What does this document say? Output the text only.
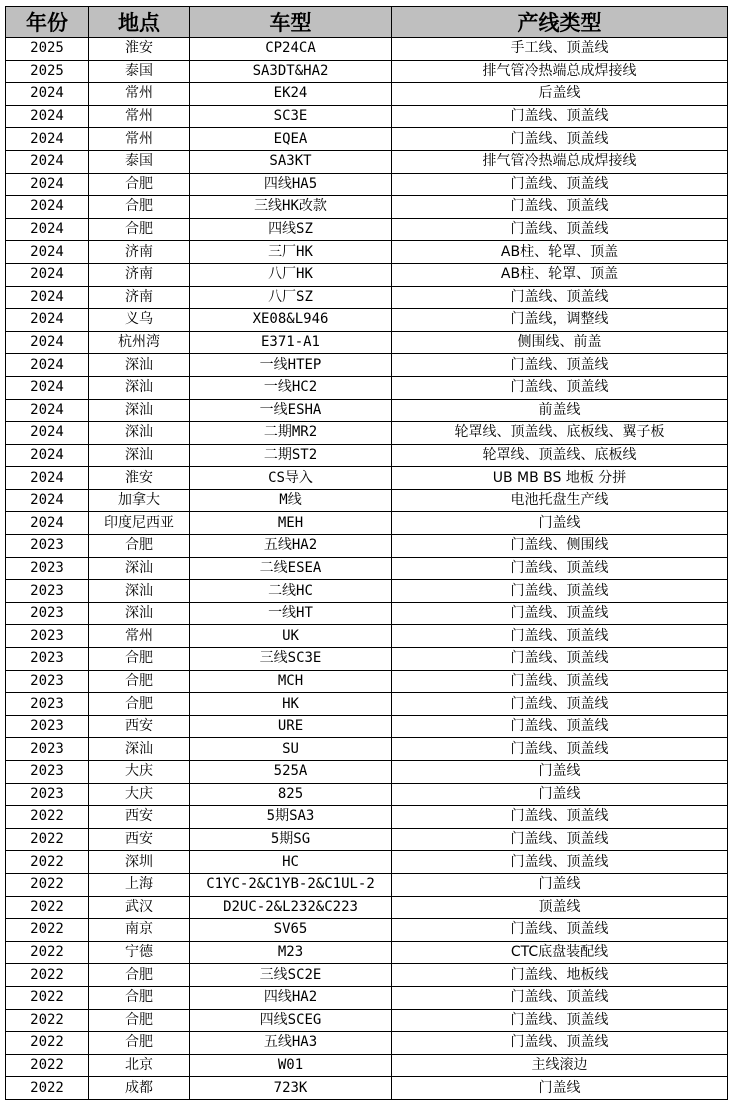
年份	地点	车型	产线类型
2025	淮安	CP24CA	手工线、顶盖线
2025	泰国	SA3DT&HA2	排气管冷热端总成焊接线
2024	常州	EK24	后盖线
2024	常州	SC3E	门盖线、顶盖线
2024	常州	EQEA	门盖线、顶盖线
2024	泰国	SA3KT	排气管冷热端总成焊接线
2024	合肥	四线HA5	门盖线、顶盖线
2024	合肥	三线HK改款	门盖线、顶盖线
2024	合肥	四线SZ	门盖线、顶盖线
2024	济南	三厂HK	AB柱、轮罩、顶盖
2024	济南	八厂HK	AB柱、轮罩、顶盖
2024	济南	八厂SZ	门盖线、顶盖线
2024	义乌	XE08&L946	门盖线，调整线
2024	杭州湾	E371-A1	侧围线、前盖
2024	深汕	一线HTEP	门盖线、顶盖线
2024	深汕	一线HC2	门盖线、顶盖线
2024	深汕	一线ESHA	前盖线
2024	深汕	二期MR2	轮罩线、顶盖线、底板线、翼子板
2024	深汕	二期ST2	轮罩线、顶盖线、底板线
2024	淮安	CS导入	UB MB BS 地板 分拼
2024	加拿大	M线	电池托盘生产线
2024	印度尼西亚	MEH	门盖线
2023	合肥	五线HA2	门盖线、侧围线
2023	深汕	二线ESEA	门盖线、顶盖线
2023	深汕	二线HC	门盖线、顶盖线
2023	深汕	一线HT	门盖线、顶盖线
2023	常州	UK	门盖线、顶盖线
2023	合肥	三线SC3E	门盖线、顶盖线
2023	合肥	MCH	门盖线、顶盖线
2023	合肥	HK	门盖线、顶盖线
2023	西安	URE	门盖线、顶盖线
2023	深汕	SU	门盖线、顶盖线
2023	大庆	525A	门盖线
2023	大庆	825	门盖线
2022	西安	5期SA3	门盖线、顶盖线
2022	西安	5期SG	门盖线、顶盖线
2022	深圳	HC	门盖线、顶盖线
2022	上海	C1YC-2&C1YB-2&C1UL-2	门盖线
2022	武汉	D2UC-2&L232&C223	顶盖线
2022	南京	SV65	门盖线、顶盖线
2022	宁德	M23	CTC底盘装配线
2022	合肥	三线SC2E	门盖线、地板线
2022	合肥	四线HA2	门盖线、顶盖线
2022	合肥	四线SCEG	门盖线、顶盖线
2022	合肥	五线HA3	门盖线、顶盖线
2022	北京	W01	主线滚边
2022	成都	723K	门盖线
